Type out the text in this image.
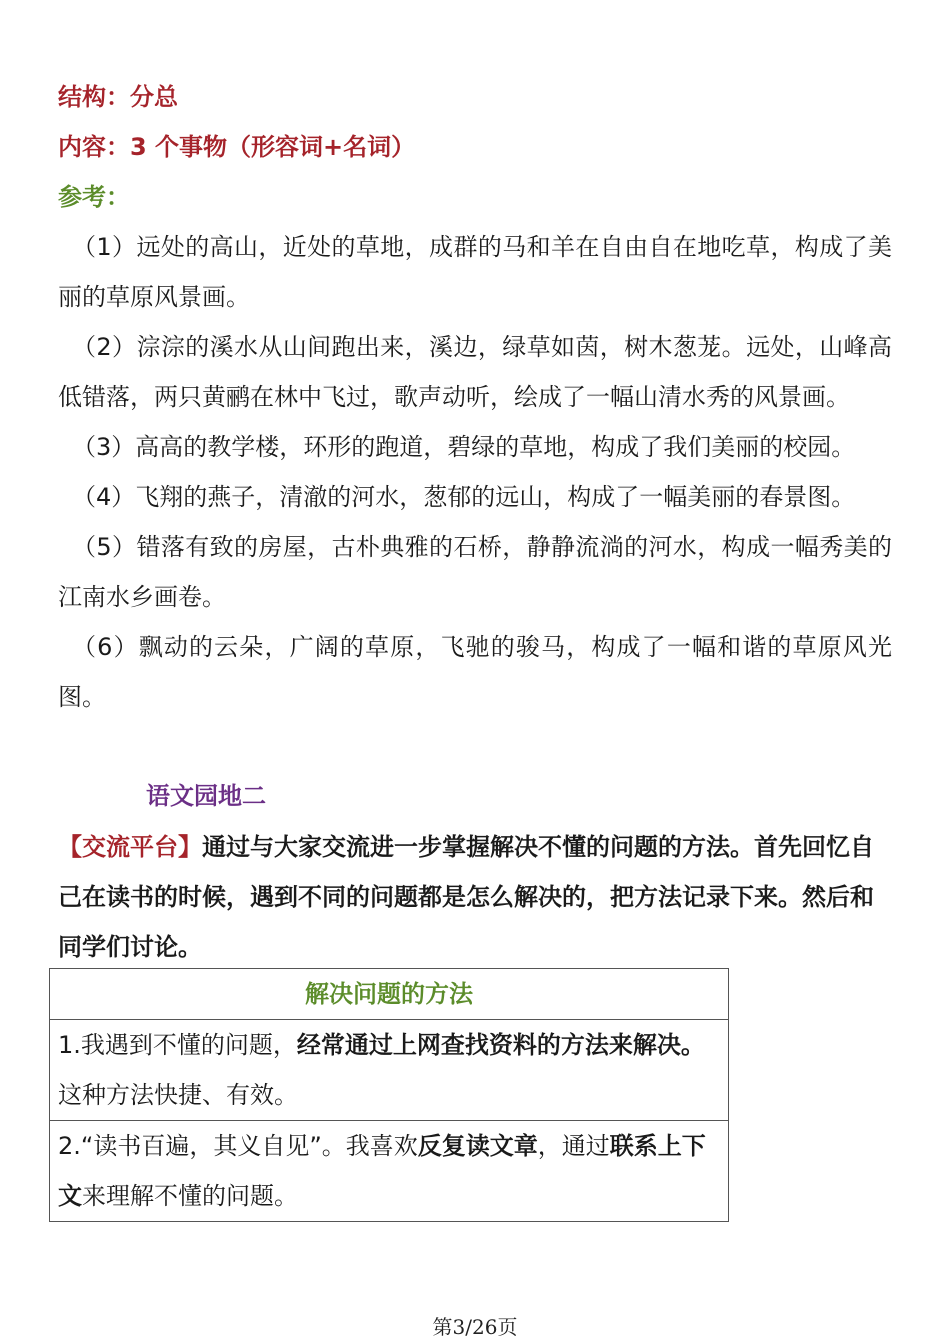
结构：分总
内容：3 个事物（形容词+名词）
参考：
（1）远处的高山，近处的草地，成群的马和羊在自由自在地吃草，构成了美丽的草原风景画。
（2）淙淙的溪水从山间跑出来，溪边，绿草如茵，树木葱茏。远处，山峰高低错落，两只黄鹂在林中飞过，歌声动听，绘成了一幅山清水秀的风景画。
（3）高高的教学楼，环形的跑道，碧绿的草地，构成了我们美丽的校园。
（4）飞翔的燕子，清澈的河水，葱郁的远山，构成了一幅美丽的春景图。
（5）错落有致的房屋，古朴典雅的石桥，静静流淌的河水，构成一幅秀美的江南水乡画卷。
（6）飘动的云朵，广阔的草原，飞驰的骏马，构成了一幅和谐的草原风光图。
语文园地二
【交流平台】通过与大家交流进一步掌握解决不懂的问题的方法。首先回忆自己在读书的时候，遇到不同的问题都是怎么解决的，把方法记录下来。然后和同学们讨论。
解决问题的方法
1.我遇到不懂的问题，经常通过上网查找资料的方法来解决。
这种方法快捷、有效。
2.“读书百遍，其义自见”。我喜欢反复读文章，通过联系上下文来理解不懂的问题。
第3/26页
